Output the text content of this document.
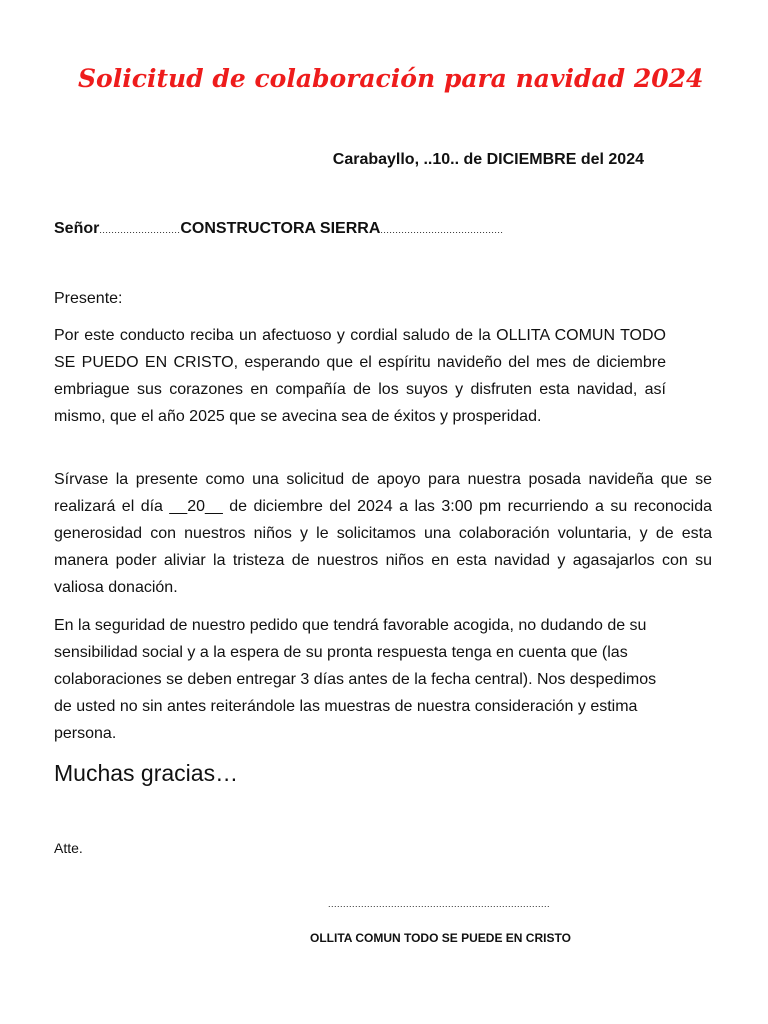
Solicitud de colaboración para navidad 2024
Carabayllo, ..10.. de DICIEMBRE del 2024
Señor...........................CONSTRUCTORA SIERRA.........................................
Presente:

Por este conducto reciba un afectuoso y cordial saludo de la OLLITA COMUN TODO SE PUEDO EN CRISTO, esperando que el espíritu navideño del mes de diciembre embriague sus corazones en compañía de los suyos y disfruten esta navidad, así mismo, que el año 2025 que se avecina sea de éxitos y prosperidad.

Sírvase la presente como una solicitud de apoyo para nuestra posada navideña que se realizará el día __20__ de diciembre del 2024 a las 3:00 pm recurriendo a su reconocida generosidad con nuestros niños y le solicitamos una colaboración voluntaria, y de esta manera poder aliviar la tristeza de nuestros niños en esta navidad y agasajarlos con su valiosa donación.

En la seguridad de nuestro pedido que tendrá favorable acogida, no dudando de su sensibilidad social y a la espera de su pronta respuesta tenga en cuenta que (las colaboraciones se deben entregar 3 días antes de la fecha central). Nos despedimos de usted no sin antes reiterándole las muestras de nuestra consideración y estima persona.

Muchas gracias…
Atte.
..........................................................................
OLLITA COMUN TODO SE PUEDE EN CRISTO
